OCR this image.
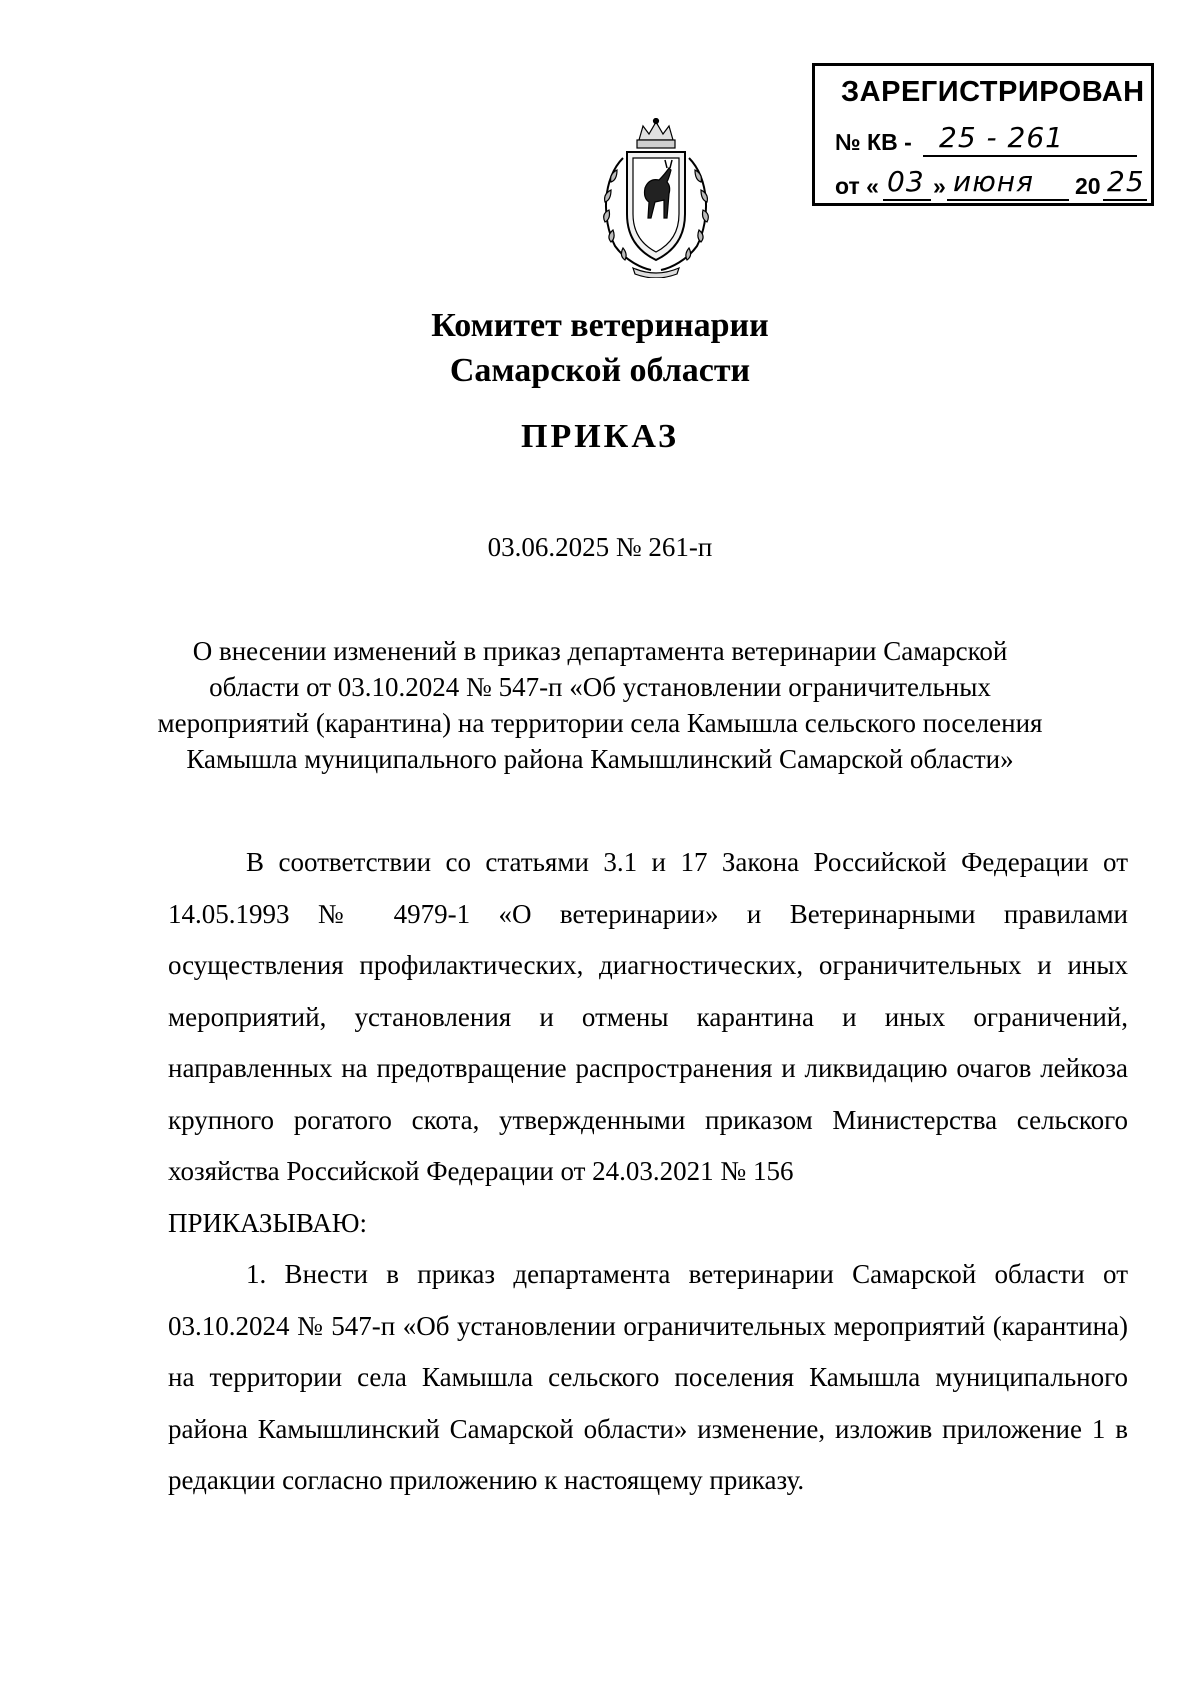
ЗАРЕГИСТРИРОВАН
№ КВ - 25 - 261
от « 03 » июня 20 25
Комитет ветеринарии
Самарской области
ПРИКАЗ
03.06.2025 № 261-п
О внесении изменений в приказ департамента ветеринарии Самарской
области от 03.10.2024 № 547-п «Об установлении ограничительных
мероприятий (карантина) на территории села Камышла сельского поселения
Камышла муниципального района Камышлинский Самарской области»

В соответствии со статьями 3.1 и 17 Закона Российской Федерации от 14.05.1993 № 4979-1 «О ветеринарии» и Ветеринарными правилами осуществления профилактических, диагностических, ограничительных и иных мероприятий, установления и отмены карантина и иных ограничений, направленных на предотвращение распространения и ликвидацию очагов лейкоза крупного рогатого скота, утвержденными приказом Министерства сельского хозяйства Российской Федерации от 24.03.2021 № 156

ПРИКАЗЫВАЮ:

1. Внести в приказ департамента ветеринарии Самарской области от 03.10.2024 № 547-п «Об установлении ограничительных мероприятий (карантина) на территории села Камышла сельского поселения Камышла муниципального района Камышлинский Самарской области» изменение, изложив приложение 1 в редакции согласно приложению к настоящему приказу.
